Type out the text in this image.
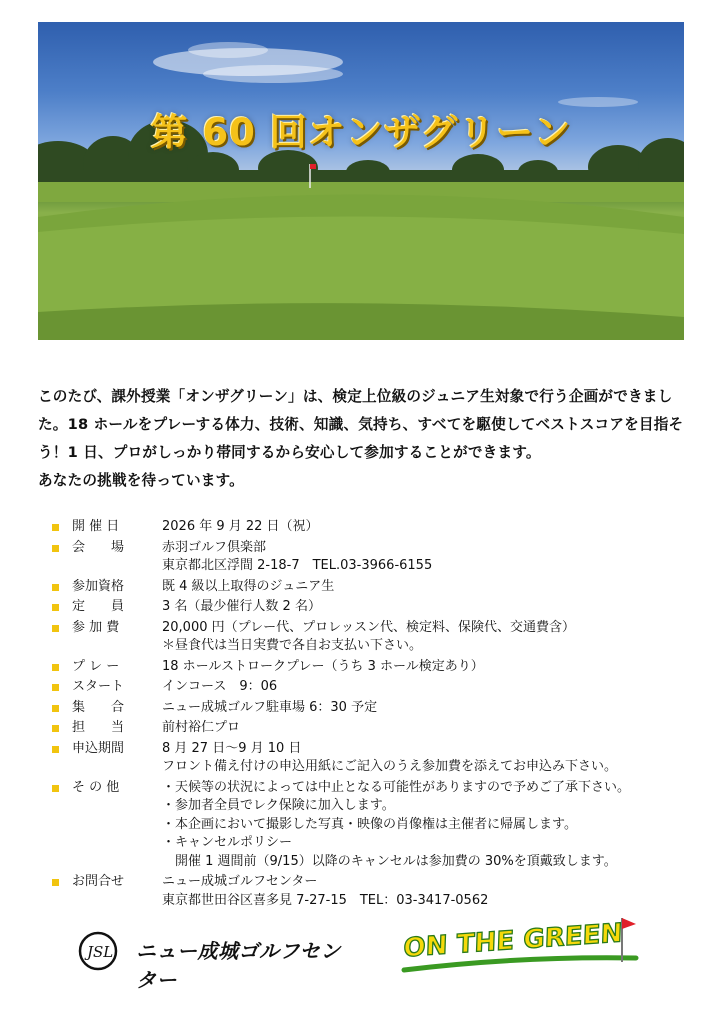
第 60 回オンザグリーン
このたび、課外授業「オンザグリーン」は、検定上位級のジュニア生対象で行う企画ができまし
た。18 ホールをプレーする体力、技術、知識、気持ち、すべてを駆使してベストスコアを目指そ
う！1 日、プロがしっかり帯同するから安心して参加することができます。
あなたの挑戦を待っています。
開 催 日	2026 年 9 月 22 日（祝）
会　　場	赤羽ゴルフ倶楽部
東京都北区浮間 2-18-7　TEL.03-3966-6155
参加資格	既 4 級以上取得のジュニア生
定　　員	3 名（最少催行人数 2 名）
参 加 費	20,000 円（プレー代、プロレッスン代、検定料、保険代、交通費含）
＊昼食代は当日実費で各自お支払い下さい。
プ レ ー	18 ホールストロークプレー（うち 3 ホール検定あり）
スタート	インコース　9：06
集　　合	ニュー成城ゴルフ駐車場 6：30 予定
担　　当	前村裕仁プロ
申込期間	8 月 27 日～9 月 10 日
フロント備え付けの申込用紙にご記入のうえ参加費を添えてお申込み下さい。
そ の 他	・天候等の状況によっては中止となる可能性がありますので予めご了承下さい。
・参加者全員でレク保険に加入します。
・本企画において撮影した写真・映像の肖像権は主催者に帰属します。
・キャンセルポリシー
　開催 1 週間前（9/15）以降のキャンセルは参加費の 30%を頂戴致します。
お問合せ	ニュー成城ゴルフセンター
東京都世田谷区喜多見 7-27-15　TEL：03-3417-0562
JSL ニュー成城ゴルフセンター
ON THE GREEN
